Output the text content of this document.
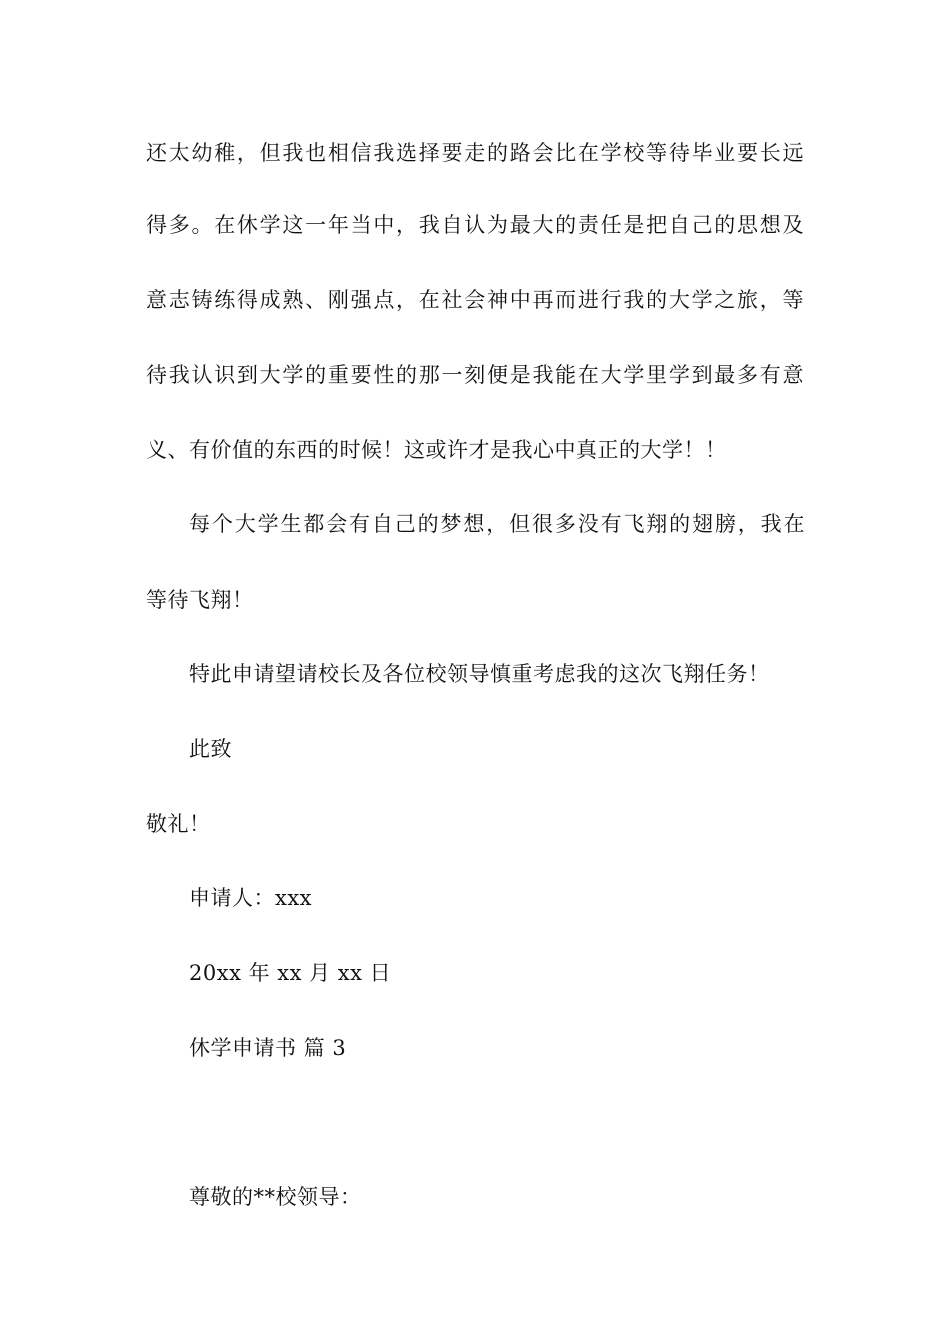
还太幼稚，但我也相信我选择要走的路会比在学校等待毕业要长远

得多。在休学这一年当中，我自认为最大的责任是把自己的思想及

意志铸练得成熟、刚强点，在社会神中再而进行我的大学之旅，等

待我认识到大学的重要性的那一刻便是我能在大学里学到最多有意

义、有价值的东西的时候！这或许才是我心中真正的大学！！

每个大学生都会有自己的梦想，但很多没有飞翔的翅膀，我在

等待飞翔！

特此申请望请校长及各位校领导慎重考虑我的这次飞翔任务！

此致

敬礼！

申请人：xxx

20xx 年 xx 月 xx 日

休学申请书 篇 3

尊敬的**校领导：
